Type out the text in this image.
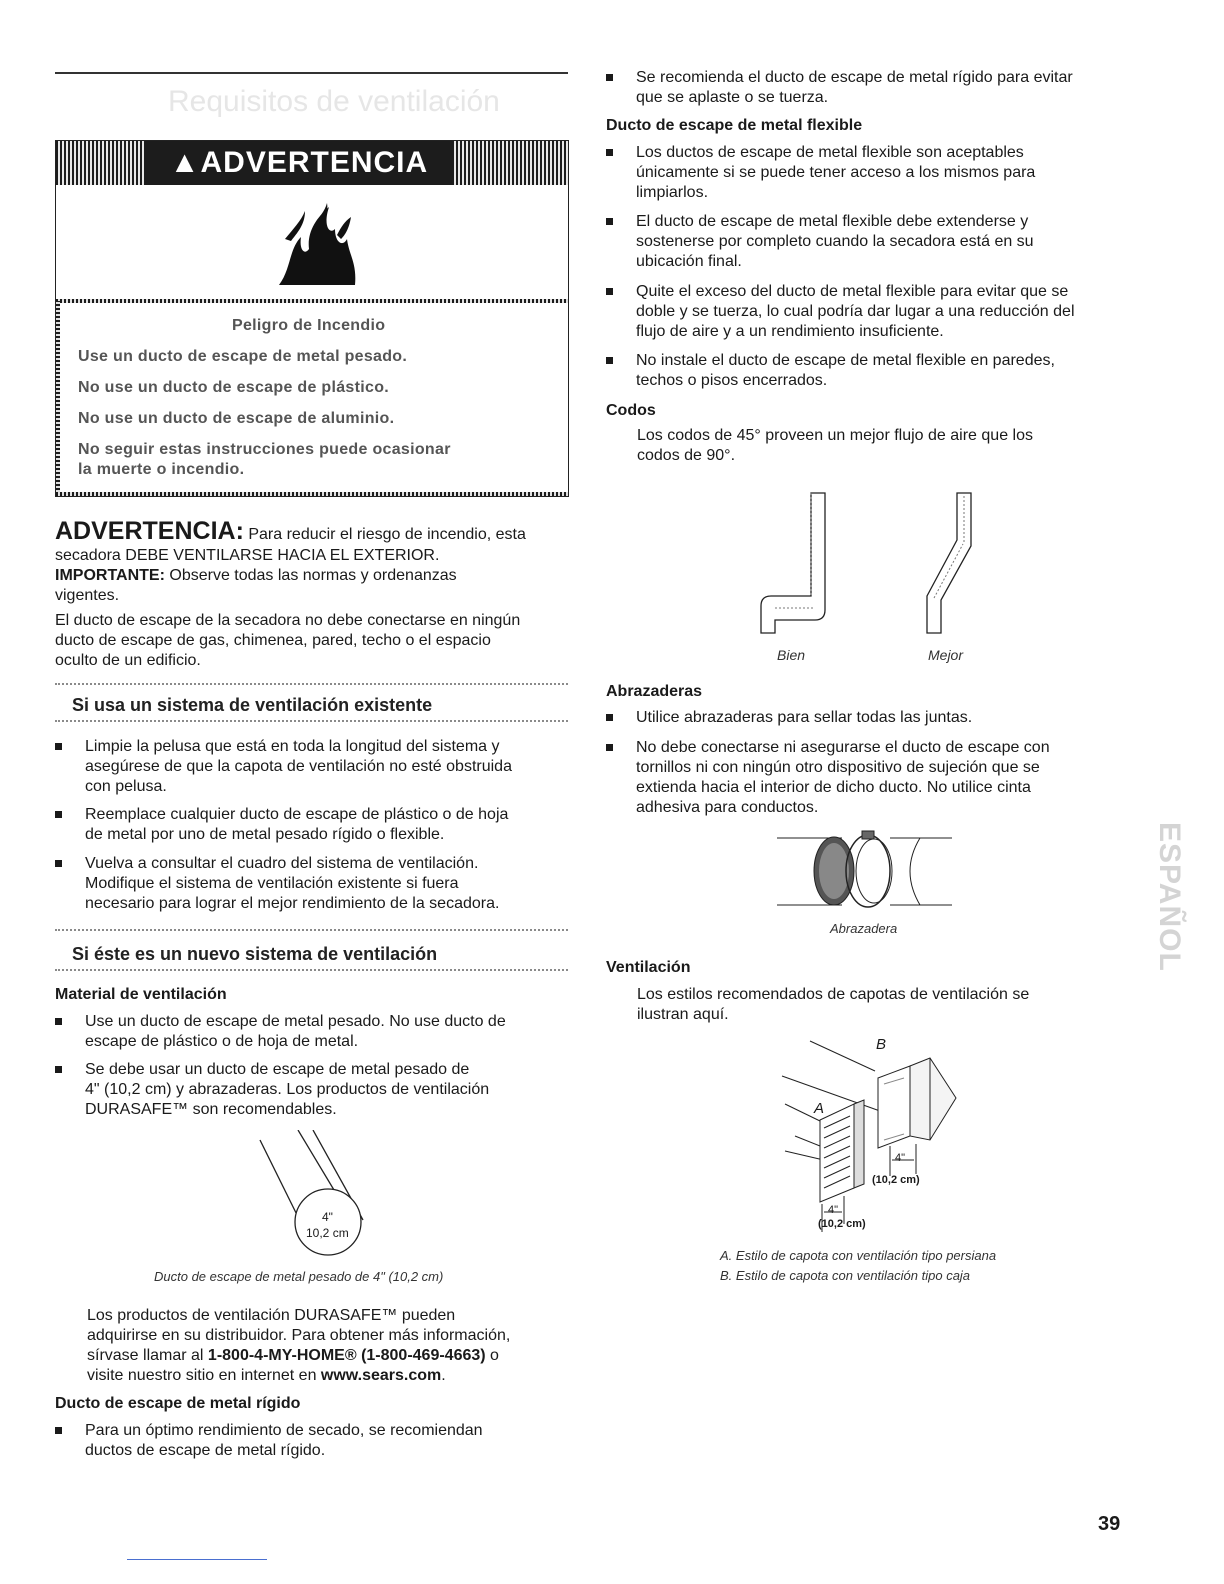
Requisitos de ventilación
▲ADVERTENCIA
Peligro de Incendio
Use un ducto de escape de metal pesado.
No use un ducto de escape de plástico.
No use un ducto de escape de aluminio.
No seguir estas instrucciones puede ocasionar
la muerte o incendio.
ADVERTENCIA: Para reducir el riesgo de incendio, esta
secadora DEBE VENTILARSE HACIA EL EXTERIOR.
IMPORTANTE: Observe todas las normas y ordenanzas
vigentes.
El ducto de escape de la secadora no debe conectarse en ningún
ducto de escape de gas, chimenea, pared, techo o el espacio
oculto de un edificio.
Si usa un sistema de ventilación existente
Limpie la pelusa que está en toda la longitud del sistema y
asegúrese de que la capota de ventilación no esté obstruida
con pelusa.
Reemplace cualquier ducto de escape de plástico o de hoja
de metal por uno de metal pesado rígido o flexible.
Vuelva a consultar el cuadro del sistema de ventilación.
Modifique el sistema de ventilación existente si fuera
necesario para lograr el mejor rendimiento de la secadora.
Si éste es un nuevo sistema de ventilación
Material de ventilación
Use un ducto de escape de metal pesado. No use ducto de
escape de plástico o de hoja de metal.
Se debe usar un ducto de escape de metal pesado de
4" (10,2 cm) y abrazaderas. Los productos de ventilación
DURASAFE™ son recomendables.
4"
10,2 cm
Ducto de escape de metal pesado de 4" (10,2 cm)
Los productos de ventilación DURASAFE™ pueden
adquirirse en su distribuidor. Para obtener más información,
sírvase llamar al 1-800-4-MY-HOME® (1-800-469-4663) o
visite nuestro sitio en internet en www.sears.com.
Ducto de escape de metal rígido
Para un óptimo rendimiento de secado, se recomiendan
ductos de escape de metal rígido.
Se recomienda el ducto de escape de metal rígido para evitar
que se aplaste o se tuerza.
Ducto de escape de metal flexible
Los ductos de escape de metal flexible son aceptables
únicamente si se puede tener acceso a los mismos para
limpiarlos.
El ducto de escape de metal flexible debe extenderse y
sostenerse por completo cuando la secadora está en su
ubicación final.
Quite el exceso del ducto de metal flexible para evitar que se
doble y se tuerza, lo cual podría dar lugar a una reducción del
flujo de aire y a un rendimiento insuficiente.
No instale el ducto de escape de metal flexible en paredes,
techos o pisos encerrados.
Codos
Los codos de 45° proveen un mejor flujo de aire que los
codos de 90°.
Bien	Mejor
Abrazaderas
Utilice abrazaderas para sellar todas las juntas.
No debe conectarse ni asegurarse el ducto de escape con
tornillos ni con ningún otro dispositivo de sujeción que se
extienda hacia el interior de dicho ducto. No utilice cinta
adhesiva para conductos.
Abrazadera
Ventilación
Los estilos recomendados de capotas de ventilación se
ilustran aquí.
B
A
4"
(10,2 cm)
4"
(10,2 cm)
A. Estilo de capota con ventilación tipo persiana
B. Estilo de capota con ventilación tipo caja
ESPAÑOL
39
